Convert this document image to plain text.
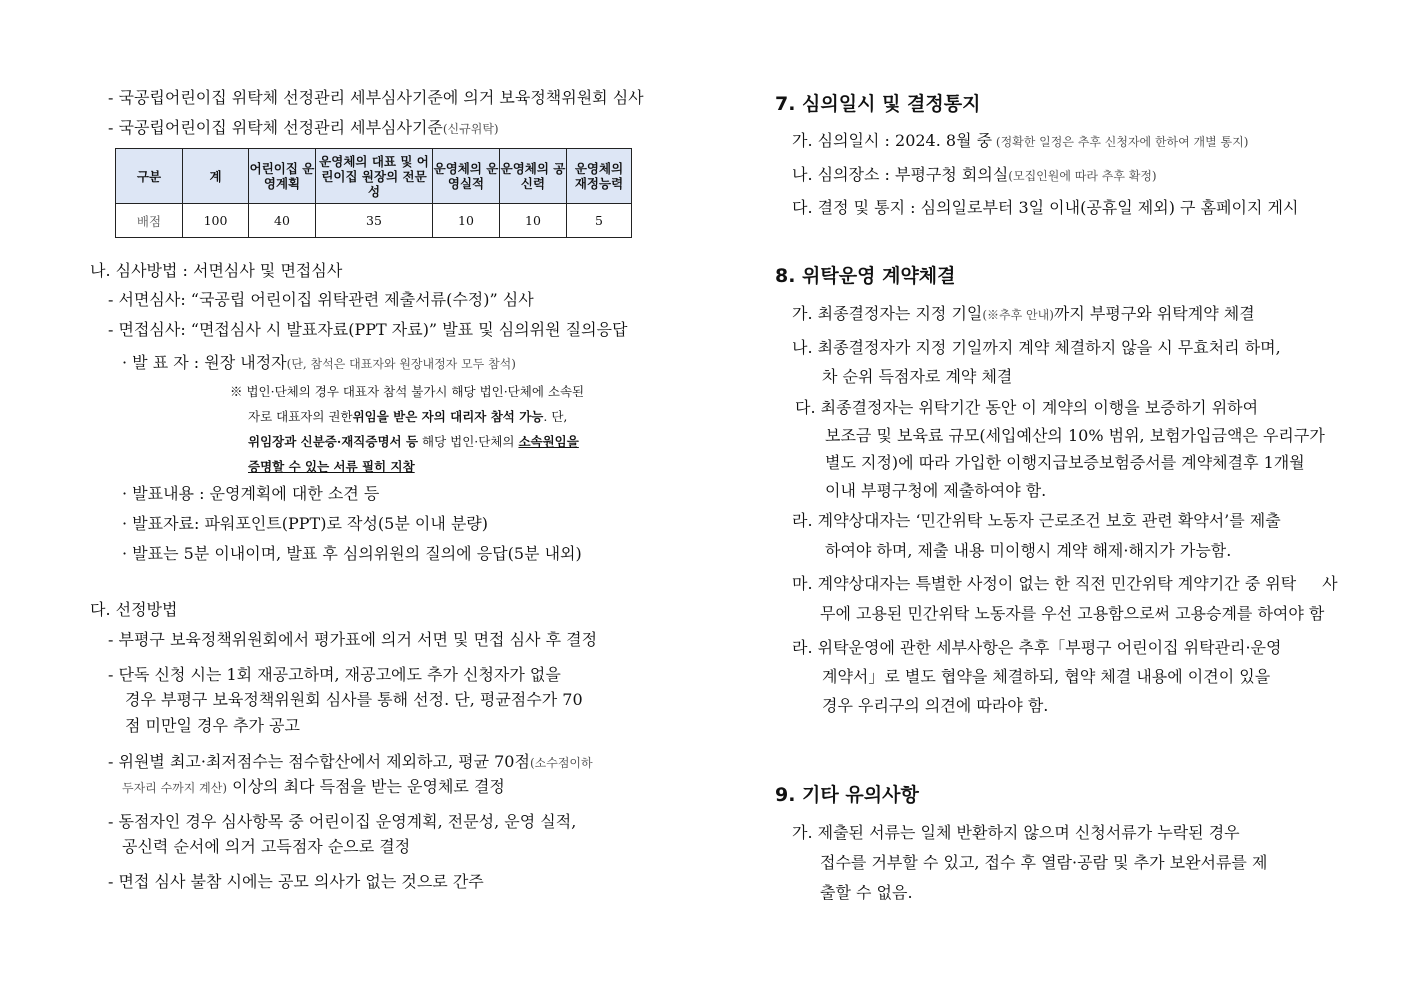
- 국공립어린이집 위탁체 선정관리 세부심사기준에 의거 보육정책위원회 심사
- 국공립어린이집 위탁체 선정관리 세부심사기준(신규위탁)
구분	계	어린이집 운영계획	운영체의 대표 및 어린이집 원장의 전문성	운영체의 운영실적	운영체의 공신력	운영체의 재정능력
배점	100	40	35	10	10	5
나. 심사방법 : 서면심사 및 면접심사
- 서면심사: “국공립 어린이집 위탁관련 제출서류(수정)” 심사
- 면접심사: “면접심사 시 발표자료(PPT 자료)” 발표 및 심의위원 질의응답
· 발 표 자 : 원장 내정자(단, 참석은 대표자와 원장내정자 모두 참석)
※ 법인·단체의 경우 대표자 참석 불가시 해당 법인·단체에 소속된
자로 대표자의 권한위임을 받은 자의 대리자 참석 가능. 단,
위임장과 신분증·재직증명서 등 해당 법인·단체의 소속원임을
증명할 수 있는 서류 필히 지참
· 발표내용 : 운영계획에 대한 소견 등
· 발표자료: 파워포인트(PPT)로 작성(5분 이내 분량)
· 발표는 5분 이내이며, 발표 후 심의위원의 질의에 응답(5분 내외)
다. 선정방법
- 부평구 보육정책위원회에서 평가표에 의거 서면 및 면접 심사 후 결정
- 단독 신청 시는 1회 재공고하며, 재공고에도 추가 신청자가 없을
경우 부평구 보육정책위원회 심사를 통해 선정. 단, 평균점수가 70
점 미만일 경우 추가 공고
- 위원별 최고·최저점수는 점수합산에서 제외하고, 평균 70점(소수점이하
두자리 수까지 계산) 이상의 최다 득점을 받는 운영체로 결정
- 동점자인 경우 심사항목 중 어린이집 운영계획, 전문성, 운영 실적,
공신력 순서에 의거 고득점자 순으로 결정
- 면접 심사 불참 시에는 공모 의사가 없는 것으로 간주
7. 심의일시 및 결정통지
가. 심의일시 : 2024. 8월 중 (정확한 일정은 추후 신청자에 한하여 개별 통지)
나. 심의장소 : 부평구청 회의실(모집인원에 따라 추후 확정)
다. 결정 및 통지 : 심의일로부터 3일 이내(공휴일 제외) 구 홈페이지 게시
8. 위탁운영 계약체결
가. 최종결정자는 지정 기일(※추후 안내)까지 부평구와 위탁계약 체결
나. 최종결정자가 지정 기일까지 계약 체결하지 않을 시 무효처리 하며,
차 순위 득점자로 계약 체결
다. 최종결정자는 위탁기간 동안 이 계약의 이행을 보증하기 위하여
보조금 및 보육료 규모(세입예산의 10% 범위, 보험가입금액은 우리구가
별도 지정)에 따라 가입한 이행지급보증보험증서를 계약체결후 1개월
이내 부평구청에 제출하여야 함.
라. 계약상대자는 ‘민간위탁 노동자 근로조건 보호 관련 확약서’를 제출
하여야 하며, 제출 내용 미이행시 계약 해제·해지가 가능함.
마. 계약상대자는 특별한 사정이 없는 한 직전 민간위탁 계약기간 중 위탁 사
무에 고용된 민간위탁 노동자를 우선 고용함으로써 고용승계를 하여야 함
라. 위탁운영에 관한 세부사항은 추후「부평구 어린이집 위탁관리·운영
계약서」로 별도 협약을 체결하되, 협약 체결 내용에 이견이 있을
경우 우리구의 의견에 따라야 함.
9. 기타 유의사항
가. 제출된 서류는 일체 반환하지 않으며 신청서류가 누락된 경우
접수를 거부할 수 있고, 접수 후 열람·공람 및 추가 보완서류를 제
출할 수 없음.
